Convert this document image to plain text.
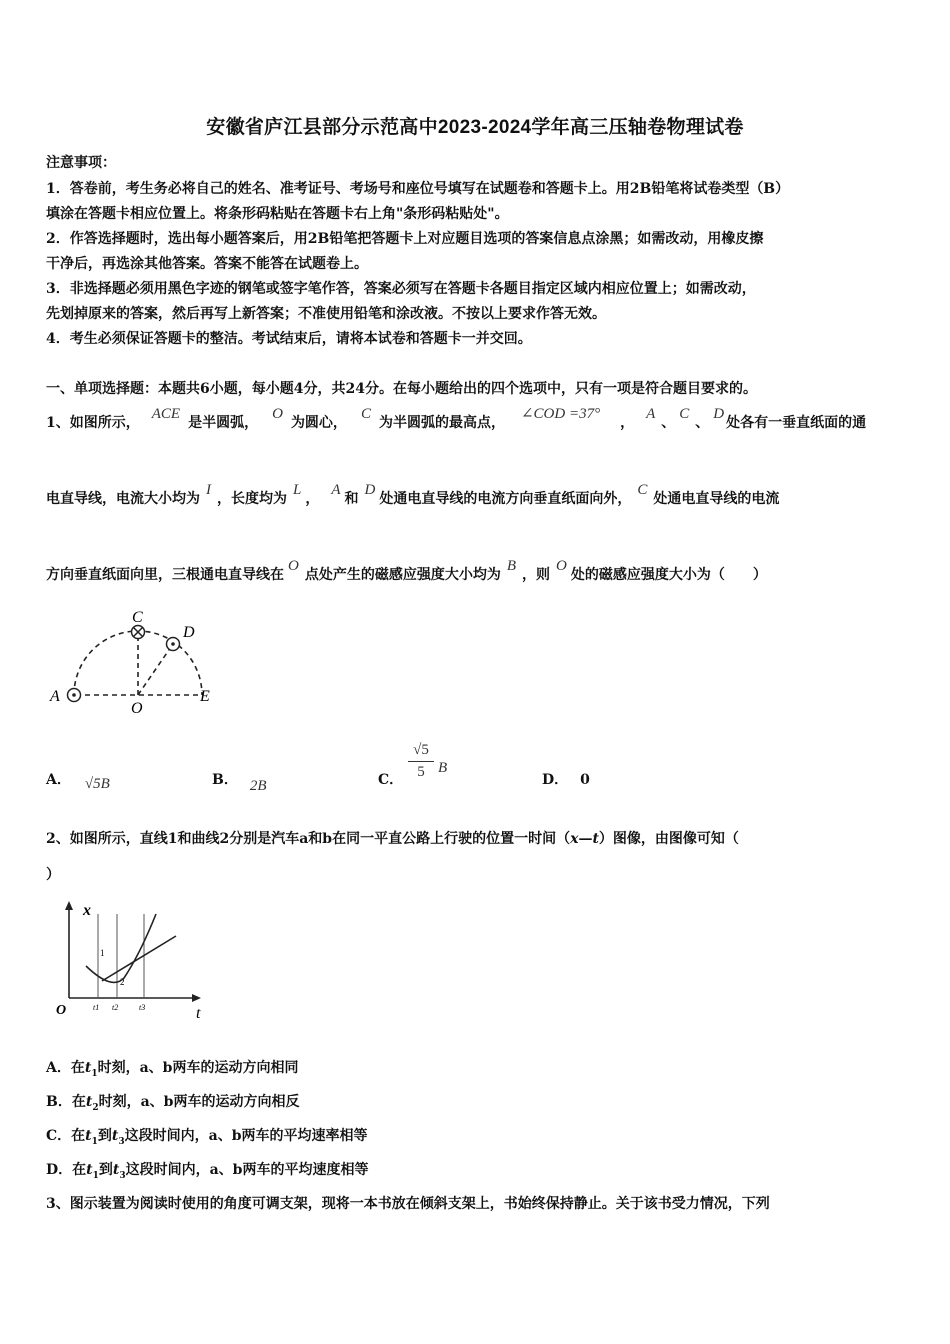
安徽省庐江县部分示范高中2023-2024学年高三压轴卷物理试卷
注意事项：
1．答卷前，考生务必将自己的姓名、准考证号、考场号和座位号填写在试题卷和答题卡上。用2B铅笔将试卷类型（B）
填涂在答题卡相应位置上。将条形码粘贴在答题卡右上角"条形码粘贴处"。
2．作答选择题时，选出每小题答案后，用2B铅笔把答题卡上对应题目选项的答案信息点涂黑；如需改动，用橡皮擦
干净后，再选涂其他答案。答案不能答在试题卷上。
3．非选择题必须用黑色字迹的钢笔或签字笔作答，答案必须写在答题卡各题目指定区域内相应位置上；如需改动，
先划掉原来的答案，然后再写上新答案；不准使用铅笔和涂改液。不按以上要求作答无效。
4．考生必须保证答题卡的整洁。考试结束后，请将本试卷和答题卡一并交回。
一、单项选择题：本题共6小题，每小题4分，共24分。在每小题给出的四个选项中，只有一项是符合题目要求的。
1、如图所示，ACE是半圆弧，O为圆心，C为半圆弧的最高点，∠COD =37°，A、C、D处各有一垂直纸面的通
电直导线，电流大小均为I，长度均为L，A和D处通电直导线的电流方向垂直纸面向外，C处通电直导线的电流
方向垂直纸面向里，三根通电直导线在O点处产生的磁感应强度大小均为B，则O处的磁感应强度大小为（　　）
C
D
A	E
O
A． √5B	B． 2B	C．
√5
5 B
D． 0
2、如图所示，直线1和曲线2分别是汽车a和b在同一平直公路上行驶的位置一时间（x—t）图像，由图像可知（
）
x
t
O
1
2
t1 t2	t3
A．在$t_1$时刻，a、b两车的运动方向相同
B．在$t_2$时刻，a、b两车的运动方向相反
C．在$t_1$到$t_3$这段时间内，a、b两车的平均速率相等
D．在$t_1$到$t_3$这段时间内，a、b两车的平均速度相等
3、图示装置为阅读时使用的角度可调支架，现将一本书放在倾斜支架上，书始终保持静止。关于该书受力情况，下列
